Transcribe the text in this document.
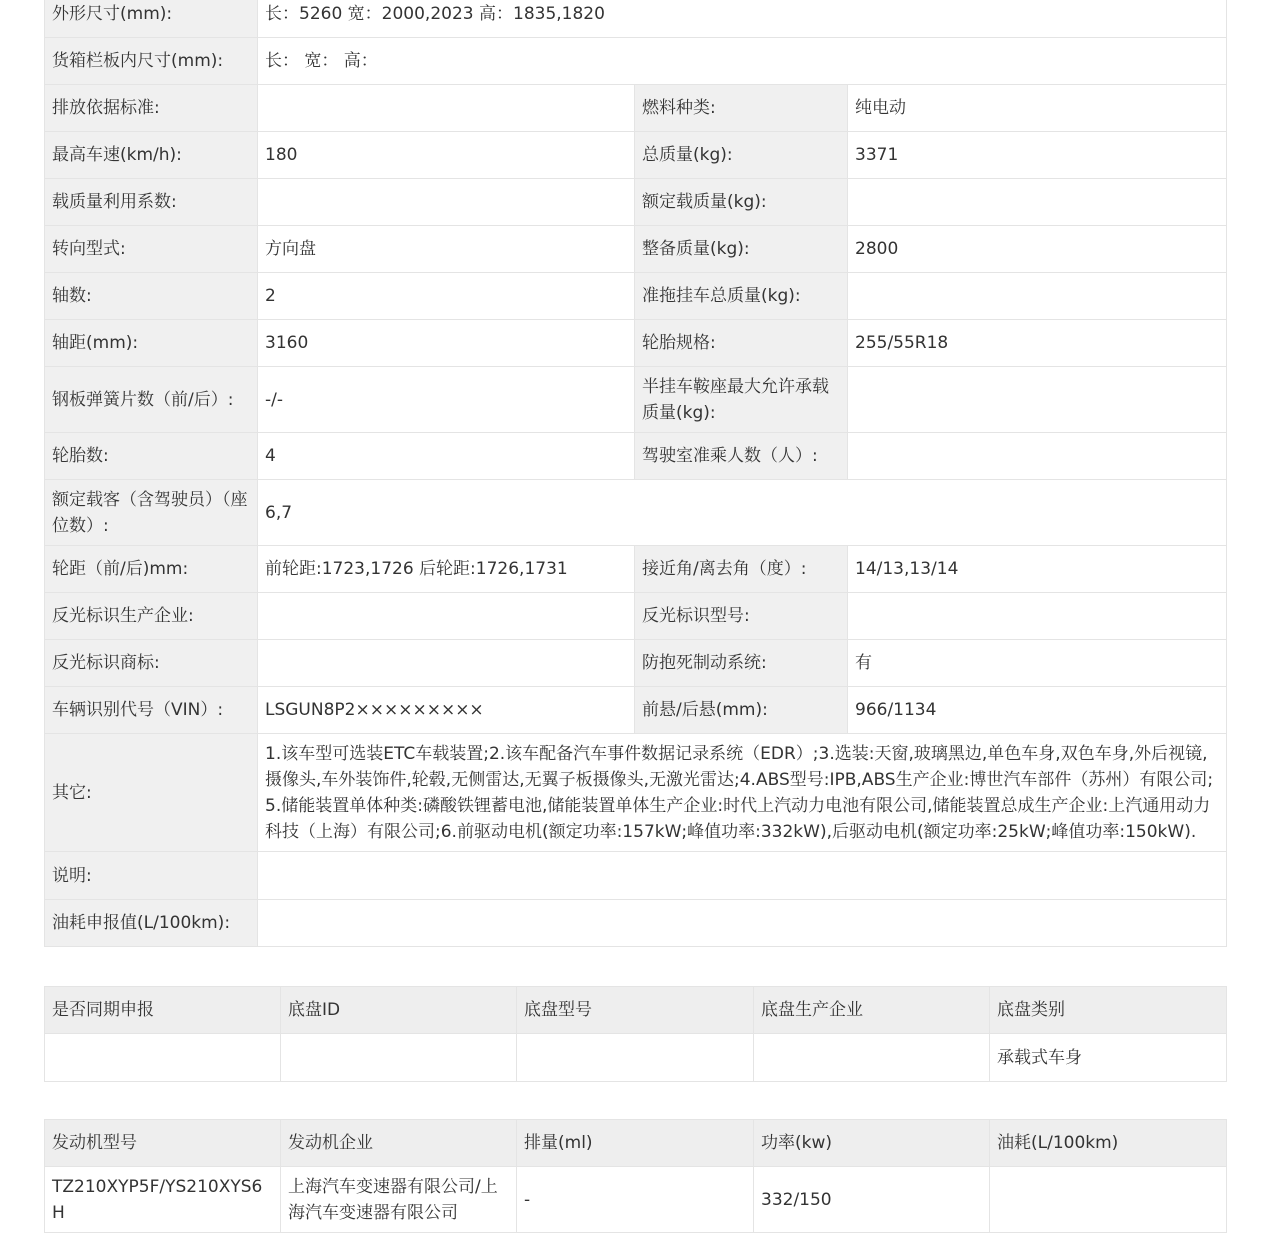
外形尺寸(mm):	长：5260 宽：2000,2023 高：1835,1820		
货箱栏板内尺寸(mm):	长： 宽： 高：		
排放依据标准:		燃料种类:	纯电动
最高车速(km/h):	180	总质量(kg):	3371
载质量利用系数:		额定载质量(kg):	
转向型式:	方向盘	整备质量(kg):	2800
轴数:	2	准拖挂车总质量(kg):	
轴距(mm):	3160	轮胎规格:	255/55R18
钢板弹簧片数（前/后）:	-/-	半挂车鞍座最大允许承载质量(kg):	
轮胎数:	4	驾驶室准乘人数（人）:	
额定载客（含驾驶员）（座位数）:	6,7		
轮距（前/后)mm:	前轮距:1723,1726 后轮距:1726,1731	接近角/离去角（度）:	14/13,13/14
反光标识生产企业:		反光标识型号:	
反光标识商标:		防抱死制动系统:	有
车辆识别代号（VIN）:	LSGUN8P2×××××××××	前悬/后悬(mm):	966/1134
其它:	1.该车型可选装ETC车载装置;2.该车配备汽车事件数据记录系统（EDR）;3.选装:天窗,玻璃黑边,单色车身,双色车身,外后视镜,摄像头,车外装饰件,轮毂,无侧雷达,无翼子板摄像头,无激光雷达;4.ABS型号:IPB,ABS生产企业:博世汽车部件（苏州）有限公司;5.储能装置单体种类:磷酸铁锂蓄电池,储能装置单体生产企业:时代上汽动力电池有限公司,储能装置总成生产企业:上汽通用动力科技（上海）有限公司;6.前驱动电机(额定功率:157kW;峰值功率:332kW),后驱动电机(额定功率:25kW;峰值功率:150kW).		
说明:			
油耗申报值(L/100km):			
是否同期申报	底盘ID	底盘型号	底盘生产企业	底盘类别
				承载式车身
发动机型号	发动机企业	排量(ml)	功率(kw)	油耗(L/100km)
TZ210XYP5F/YS210XYS6H	上海汽车变速器有限公司/上海汽车变速器有限公司	-	332/150	
